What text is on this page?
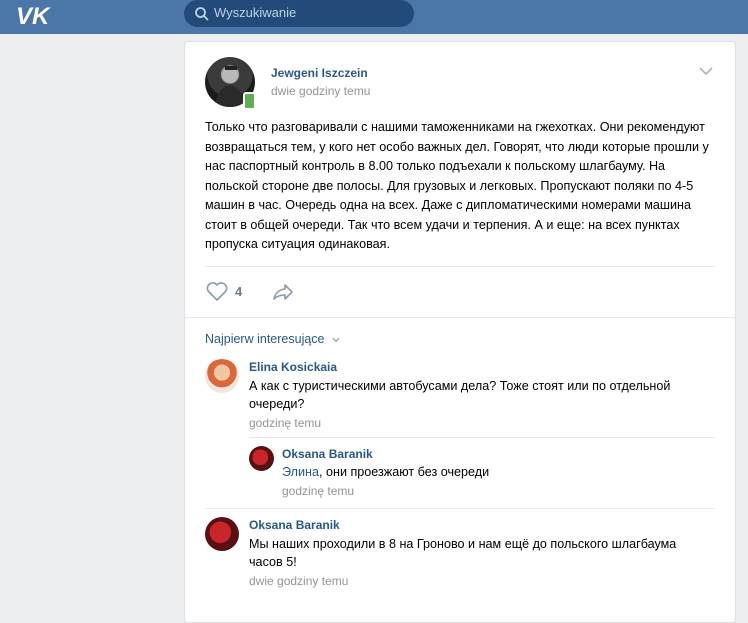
VK	Wyszukiwanie
Jewgeni Iszczein
dwie godziny temu
Только что разговаривали с нашими таможенниками на гжехотках. Они рекомендуют возвращаться тем, у кого нет особо важных дел. Говорят, что люди которые прошли у нас паспортный контроль в 8.00 только подъехали к польскому шлагбауму. На польской стороне две полосы. Для грузовых и легковых. Пропускают поляки по 4-5 машин в час. Очередь одна на всех. Даже с дипломатическими номерами машина стоит в общей очереди. Так что всем удачи и терпения. А и еще: на всех пунктах пропуска ситуация одинаковая.
4
Najpierw interesujące
Elina Kosickaia
А как с туристическими автобусами дела? Тоже стоят или по отдельной очереди?
godzinę temu
Oksana Baranik
Элина, они проезжают без очереди
godzinę temu
Oksana Baranik
Мы наших проходили в 8 на Гроново и нам ещё до польского шлагбаума часов 5!
dwie godziny temu
